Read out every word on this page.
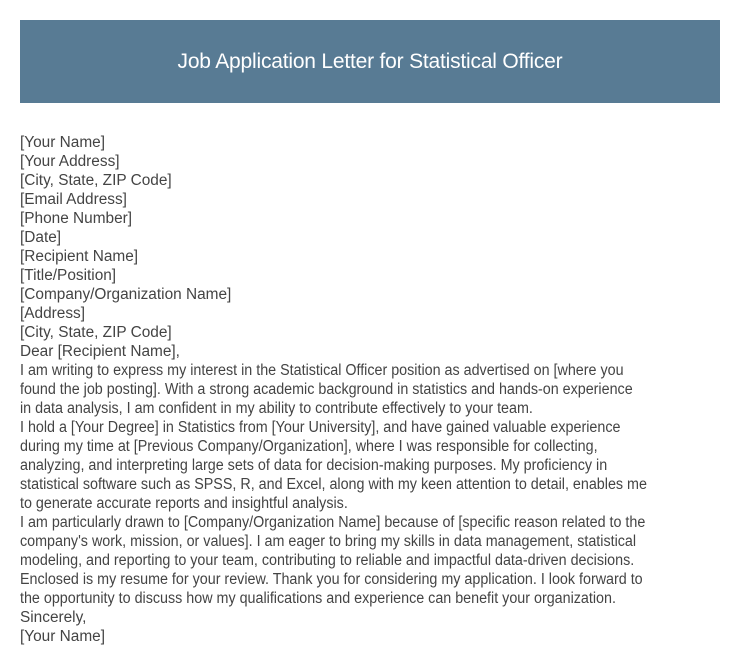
Job Application Letter for Statistical Officer
[Your Name]
[Your Address]
[City, State, ZIP Code]
[Email Address]
[Phone Number]
[Date]
[Recipient Name]
[Title/Position]
[Company/Organization Name]
[Address]
[City, State, ZIP Code]
Dear [Recipient Name],
I am writing to express my interest in the Statistical Officer position as advertised on [where you
found the job posting]. With a strong academic background in statistics and hands-on experience
in data analysis, I am confident in my ability to contribute effectively to your team.
I hold a [Your Degree] in Statistics from [Your University], and have gained valuable experience
during my time at [Previous Company/Organization], where I was responsible for collecting,
analyzing, and interpreting large sets of data for decision-making purposes. My proficiency in
statistical software such as SPSS, R, and Excel, along with my keen attention to detail, enables me
to generate accurate reports and insightful analysis.
I am particularly drawn to [Company/Organization Name] because of [specific reason related to the
company's work, mission, or values]. I am eager to bring my skills in data management, statistical
modeling, and reporting to your team, contributing to reliable and impactful data-driven decisions.
Enclosed is my resume for your review. Thank you for considering my application. I look forward to
the opportunity to discuss how my qualifications and experience can benefit your organization.
Sincerely,
[Your Name]
